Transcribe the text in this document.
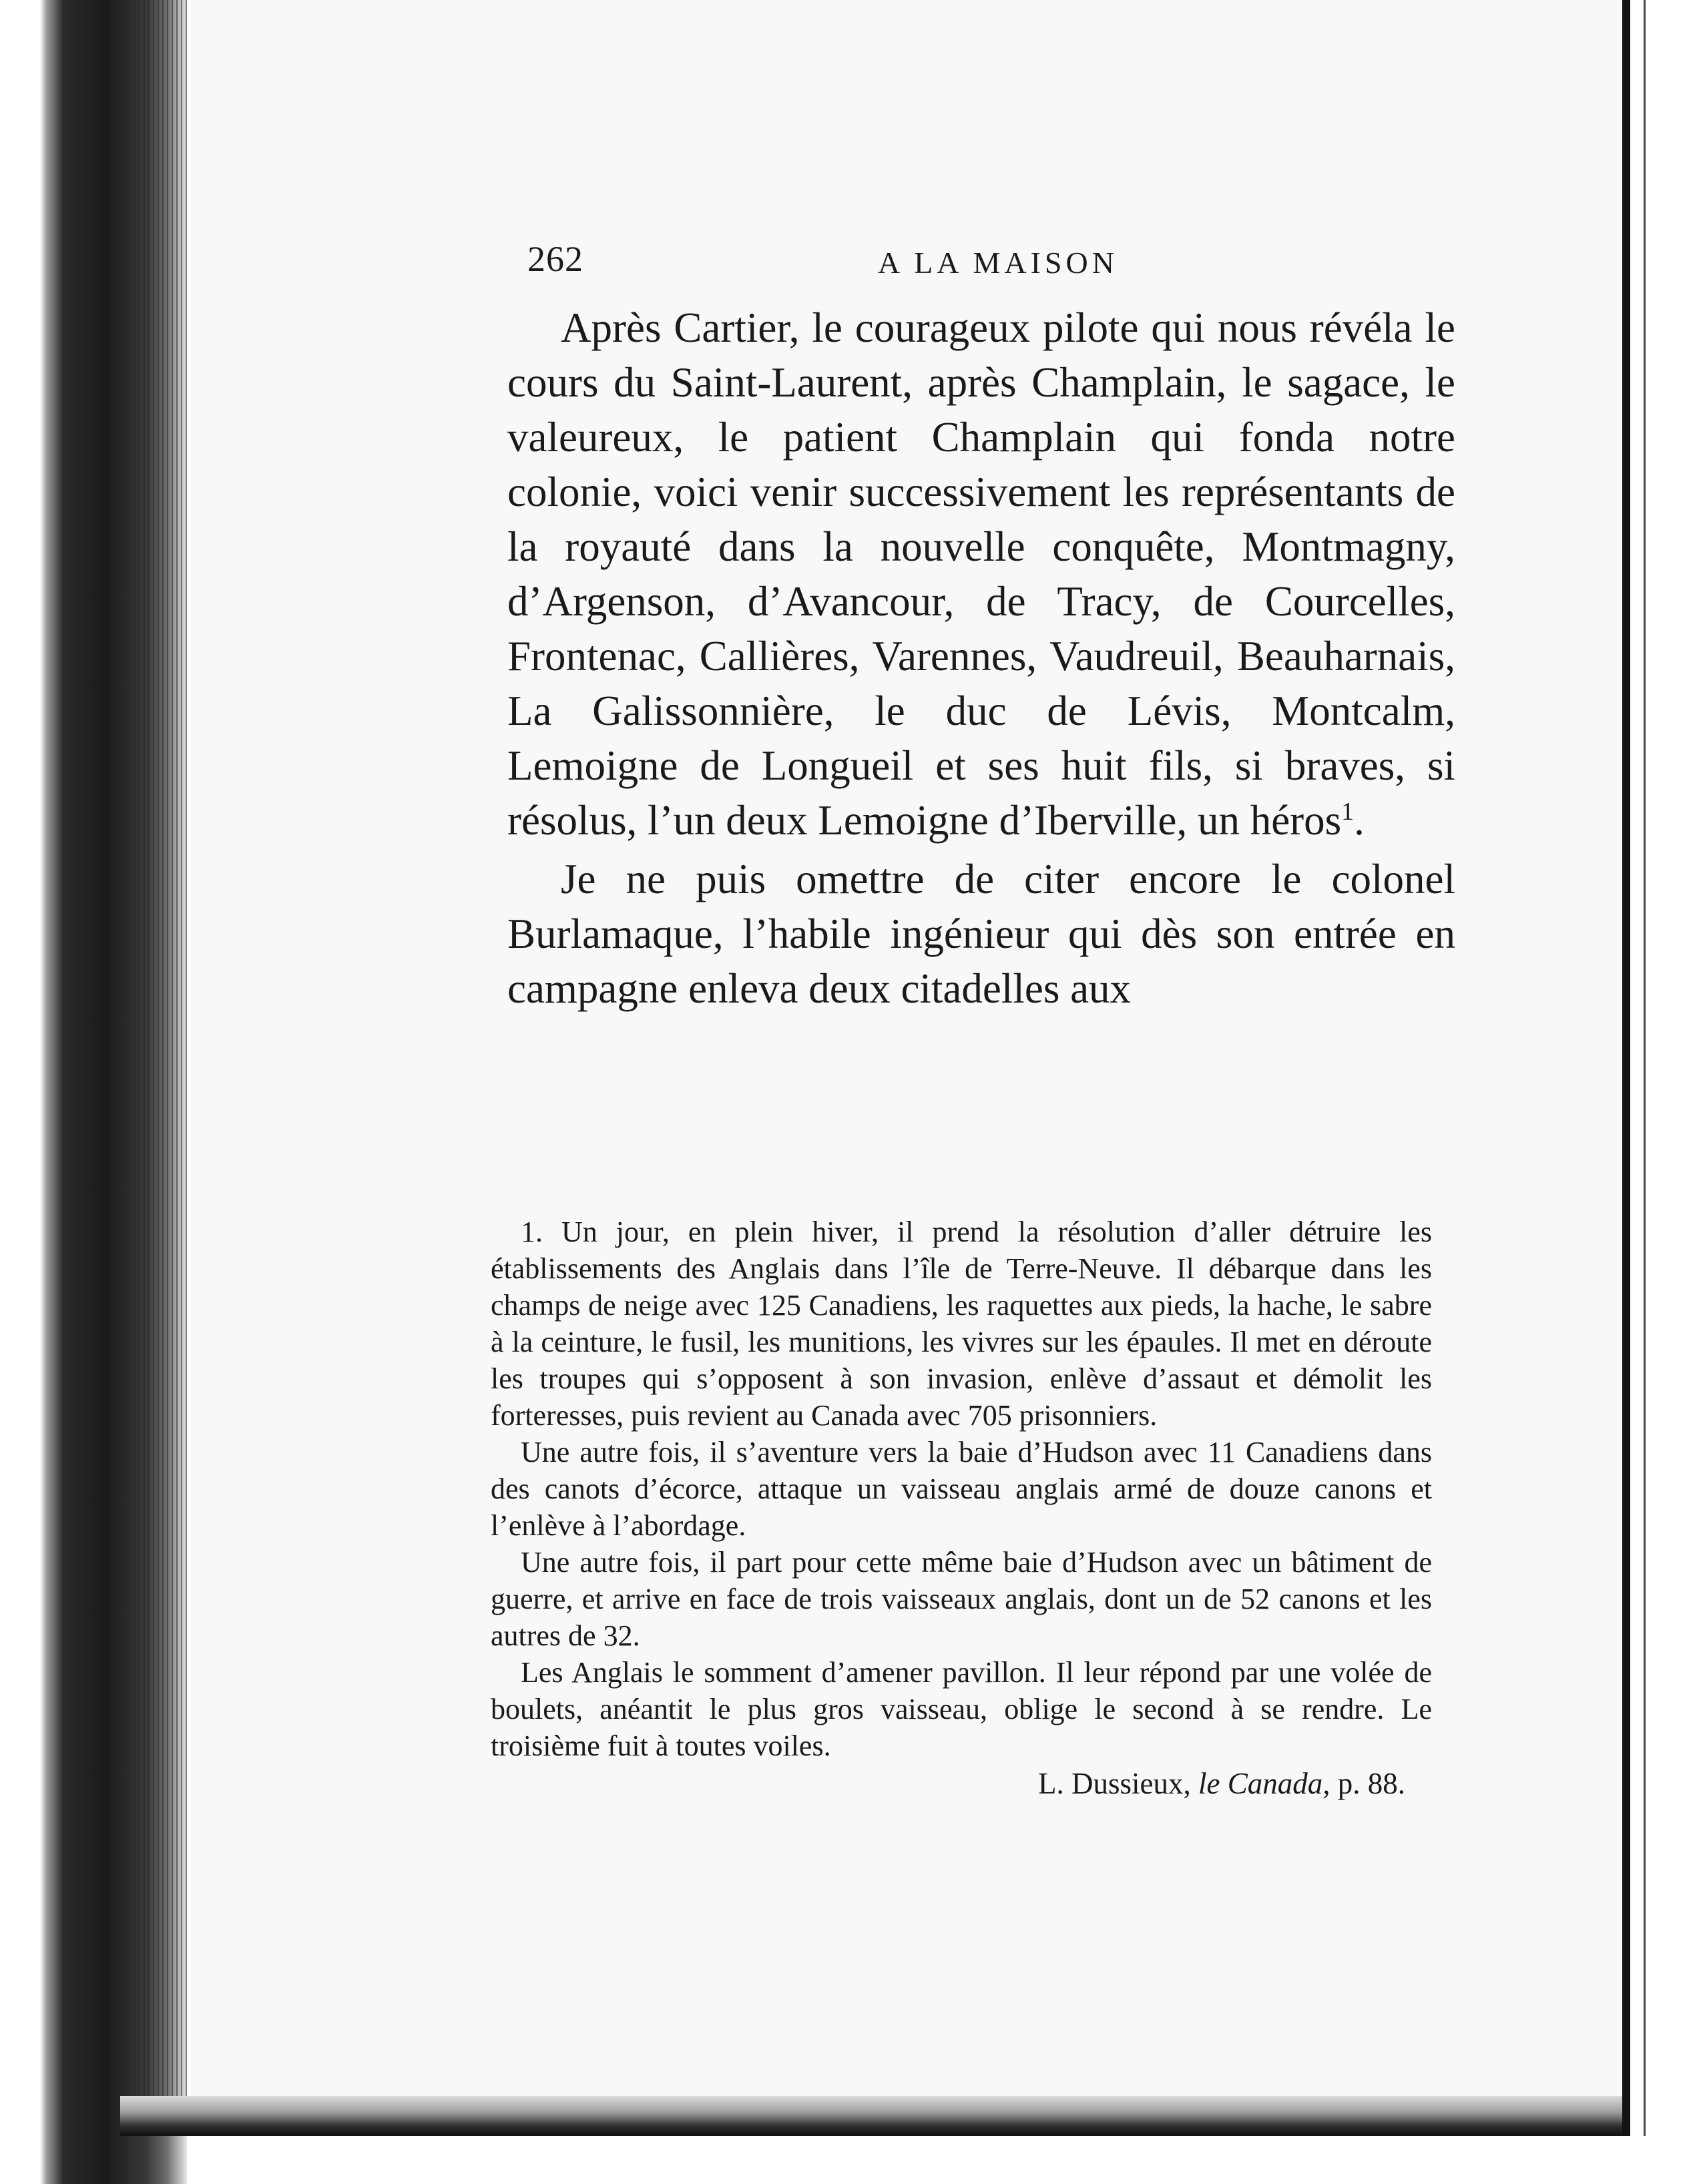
262	A LA MAISON

Après Cartier, le courageux pilote qui nous révéla le cours du Saint-Laurent, après Champlain, le sagace, le valeureux, le patient Champlain qui fonda notre colonie, voici venir successivement les représentants de la royauté dans la nouvelle conquête, Montmagny, d’Argenson, d’Avancour, de Tracy, de Courcelles, Frontenac, Callières, Varennes, Vaudreuil, Beauharnais, La Galissonnière, le duc de Lévis, Montcalm, Lemoigne de Longueil et ses huit fils, si braves, si résolus, l’un deux Lemoigne d’Iberville, un héros$^1$.

Je ne puis omettre de citer encore le colonel Burlamaque, l’habile ingénieur qui dès son entrée en campagne enleva deux citadelles aux

1. Un jour, en plein hiver, il prend la résolution d’aller détruire les établissements des Anglais dans l’île de Terre-Neuve. Il débarque dans les champs de neige avec 125 Canadiens, les raquettes aux pieds, la hache, le sabre à la ceinture, le fusil, les munitions, les vivres sur les épaules. Il met en déroute les troupes qui s’opposent à son invasion, enlève d’assaut et démolit les forteresses, puis revient au Canada avec 705 prisonniers.

Une autre fois, il s’aventure vers la baie d’Hudson avec 11 Canadiens dans des canots d’écorce, attaque un vaisseau anglais armé de douze canons et l’enlève à l’abordage.

Une autre fois, il part pour cette même baie d’Hudson avec un bâtiment de guerre, et arrive en face de trois vaisseaux anglais, dont un de 52 canons et les autres de 32.

Les Anglais le somment d’amener pavillon. Il leur répond par une volée de boulets, anéantit le plus gros vaisseau, oblige le second à se rendre. Le troisième fuit à toutes voiles.

L. Dussieux, le Canada, p. 88.
